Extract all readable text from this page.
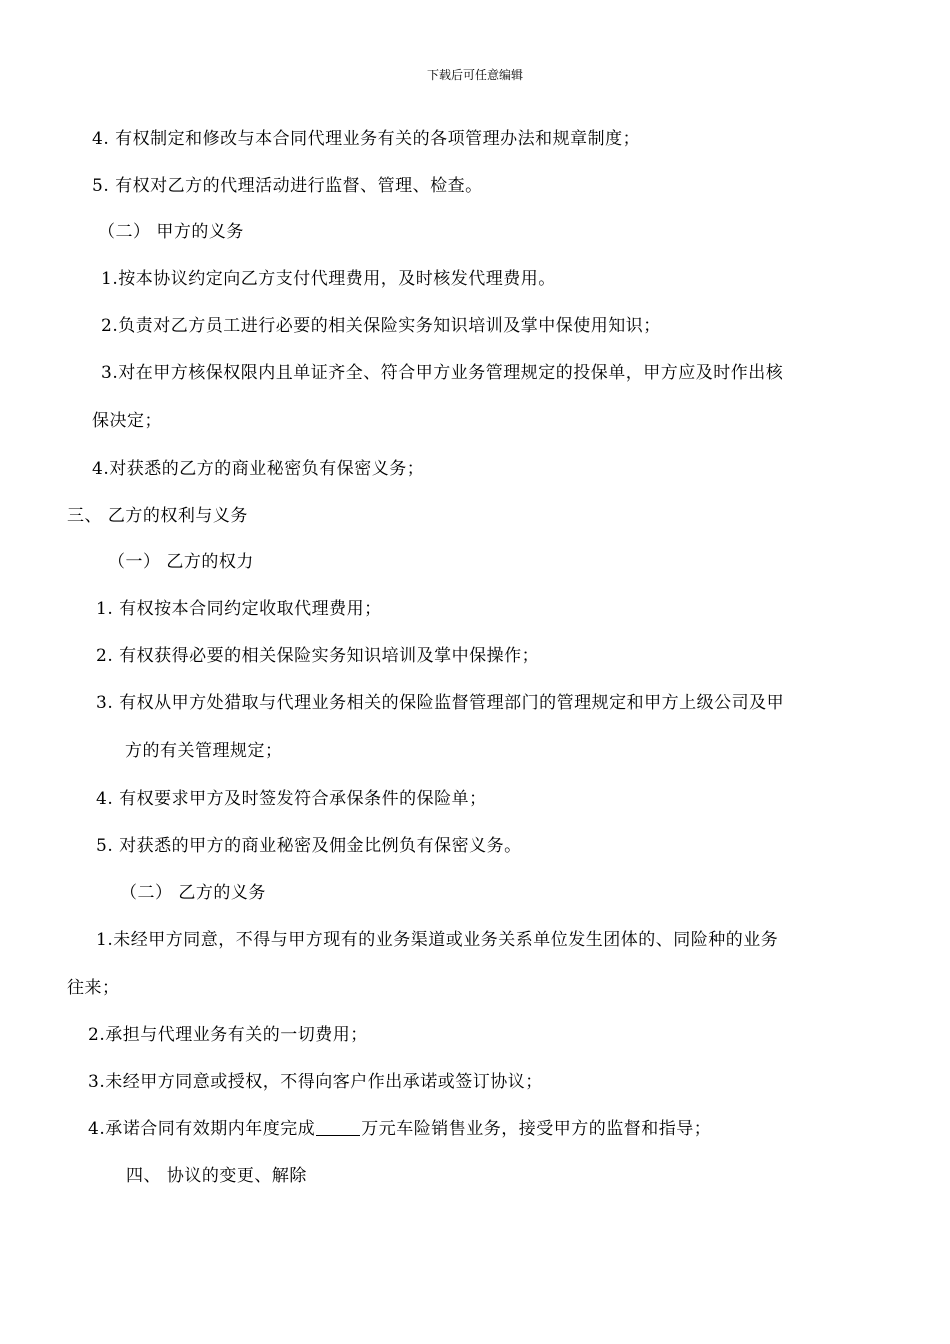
下载后可任意编辑
4. 有权制定和修改与本合同代理业务有关的各项管理办法和规章制度；
5. 有权对乙方的代理活动进行监督、管理、检查。
（二） 甲方的义务
1.按本协议约定向乙方支付代理费用，及时核发代理费用。
2.负责对乙方员工进行必要的相关保险实务知识培训及掌中保使用知识；
3.对在甲方核保权限内且单证齐全、符合甲方业务管理规定的投保单，甲方应及时作出核
保决定；
4.对获悉的乙方的商业秘密负有保密义务；
三、 乙方的权利与义务
（一） 乙方的权力
1. 有权按本合同约定收取代理费用；
2. 有权获得必要的相关保险实务知识培训及掌中保操作；
3. 有权从甲方处猎取与代理业务相关的保险监督管理部门的管理规定和甲方上级公司及甲
方的有关管理规定；
4. 有权要求甲方及时签发符合承保条件的保险单；
5. 对获悉的甲方的商业秘密及佣金比例负有保密义务。
（二） 乙方的义务
1.未经甲方同意，不得与甲方现有的业务渠道或业务关系单位发生团体的、同险种的业务
往来；
2.承担与代理业务有关的一切费用；
3.未经甲方同意或授权，不得向客户作出承诺或签订协议；
4.承诺合同有效期内年度完成	万元车险销售业务，接受甲方的监督和指导；
四、 协议的变更、解除
